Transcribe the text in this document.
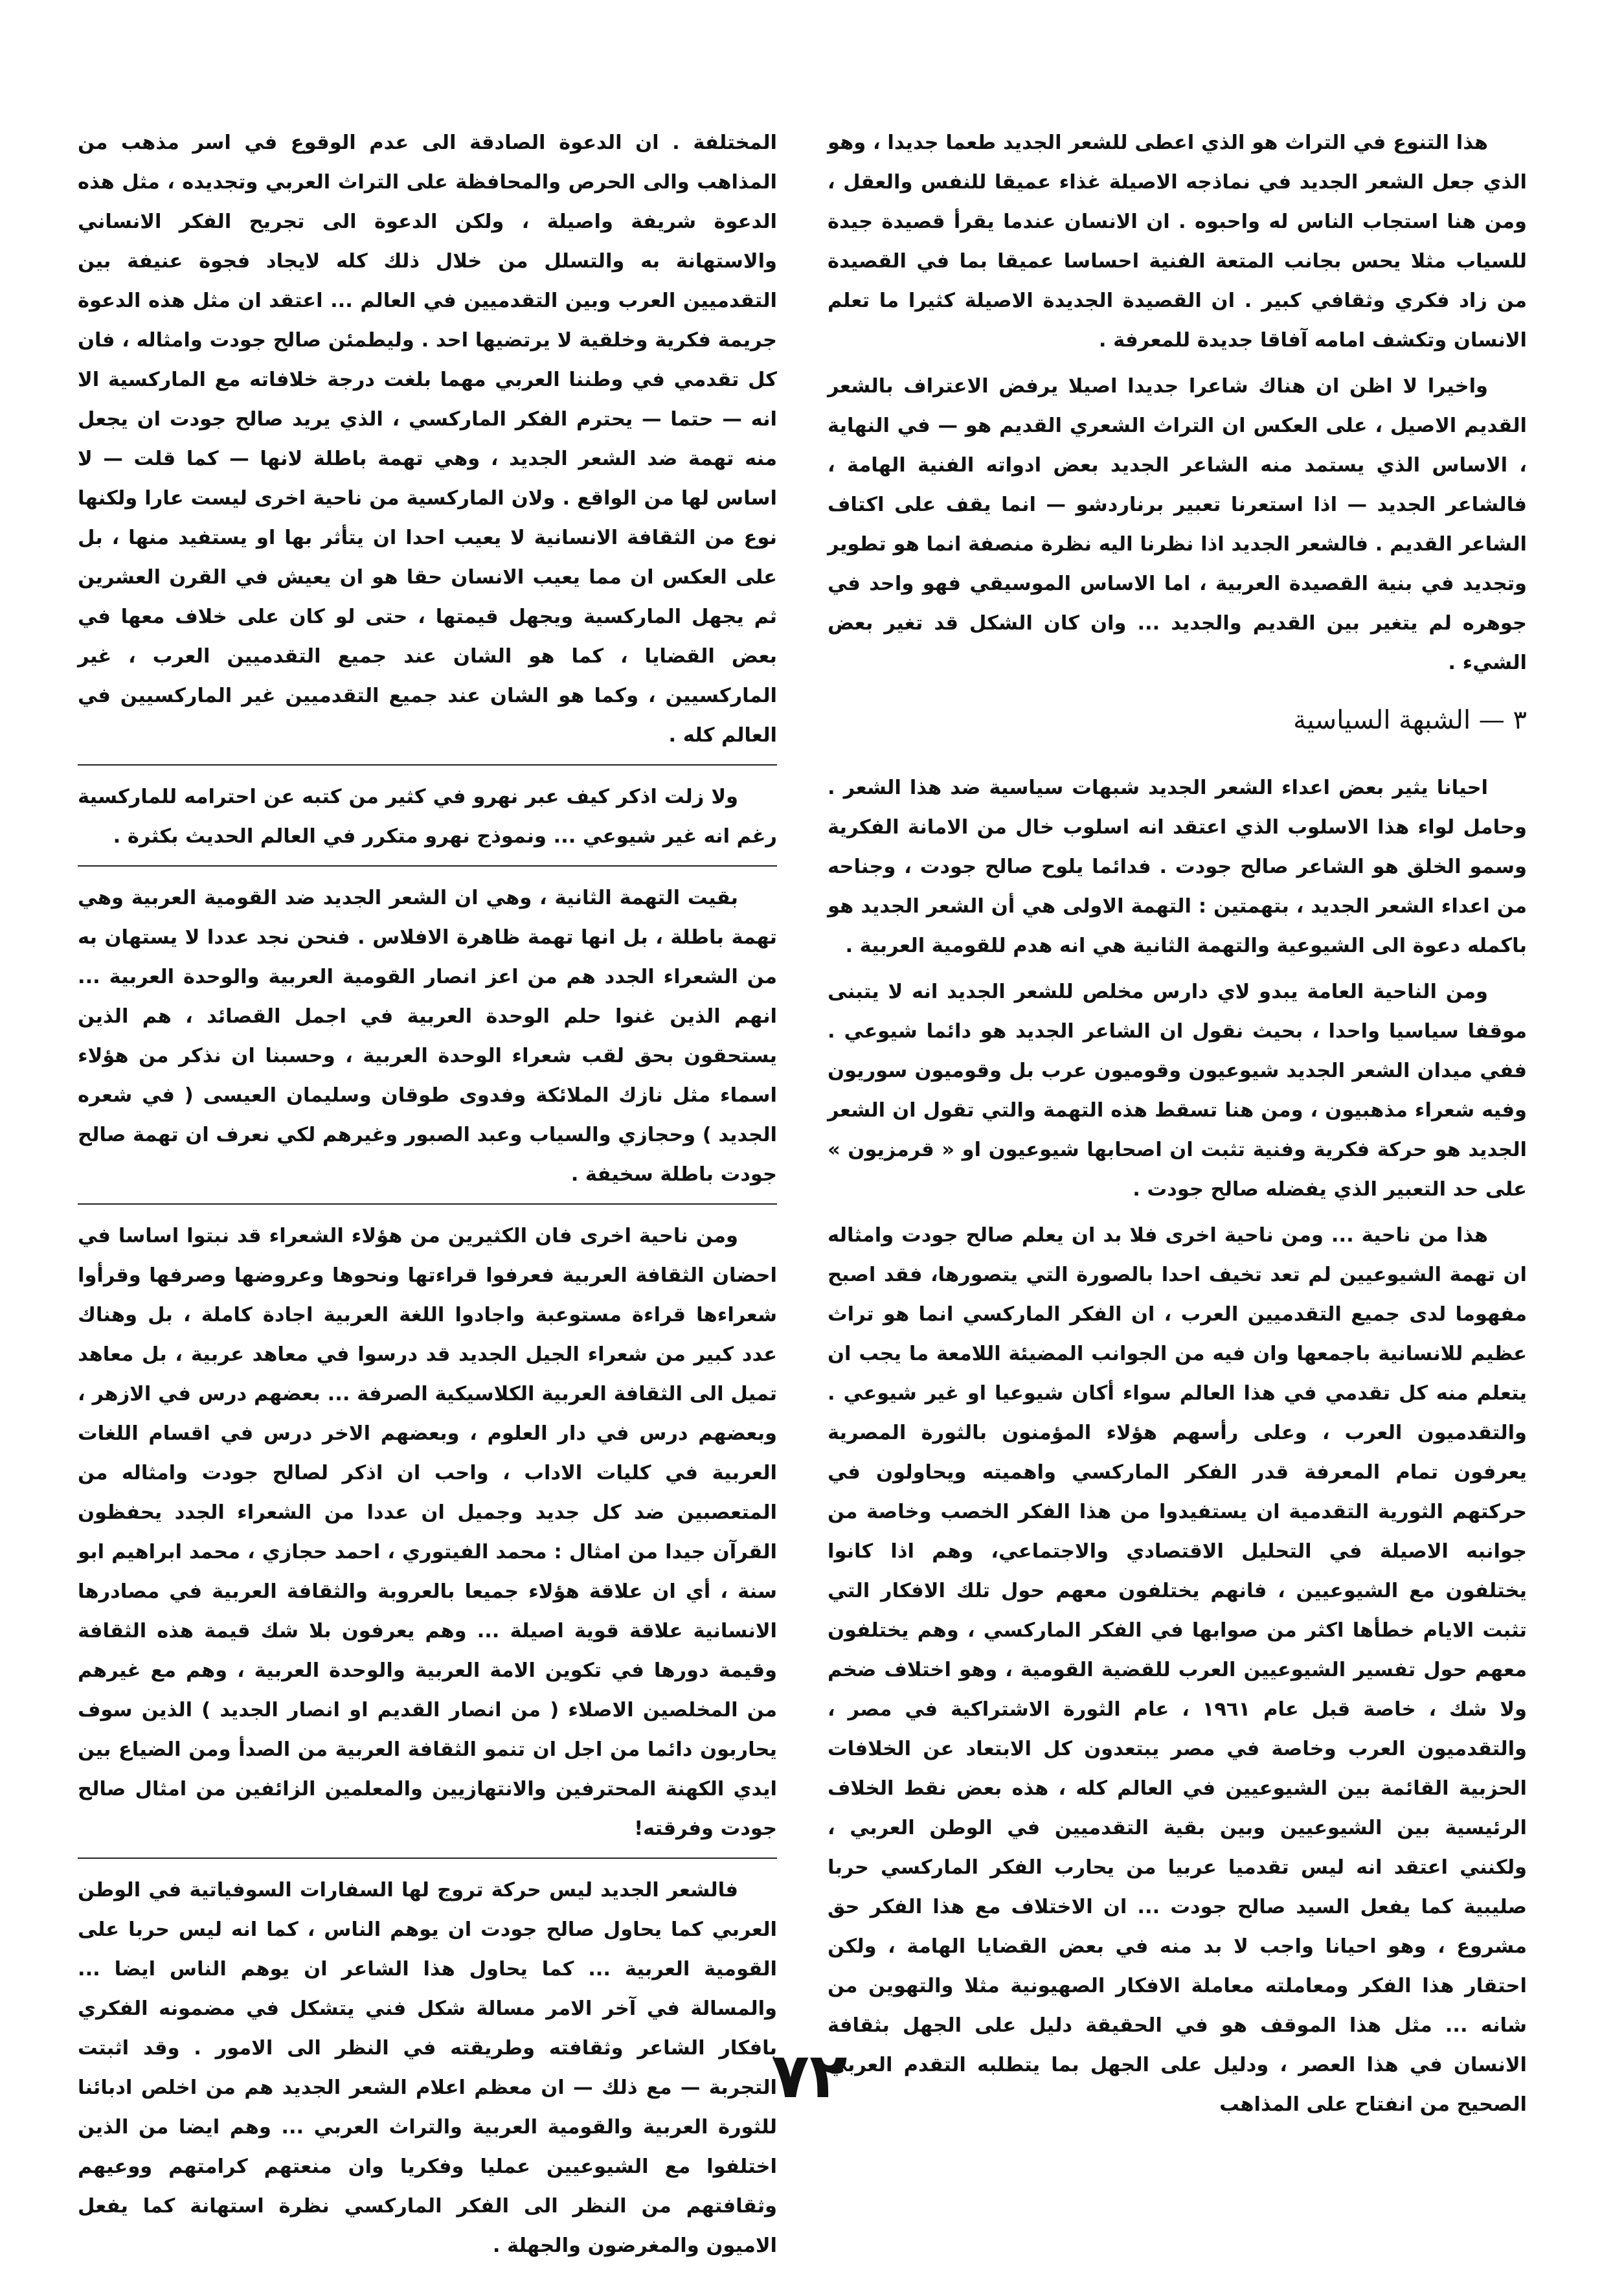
هذا التنوع في التراث هو الذي اعطى للشعر الجديد طعما جديدا ، وهو الذي جعل الشعر الجديد في نماذجه الاصيلة غذاء عميقا للنفس والعقل ، ومن هنا استجاب الناس له واحبوه . ان الانسان عندما يقرأ قصيدة جيدة للسياب مثلا يحس بجانب المتعة الفنية احساسا عميقا بما في القصيدة من زاد فكري وثقافي كبير . ان القصيدة الجديدة الاصيلة كثيرا ما تعلم الانسان وتكشف امامه آفاقا جديدة للمعرفة .

واخيرا لا اظن ان هناك شاعرا جديدا اصيلا يرفض الاعتراف بالشعر القديم الاصيل ، على العكس ان التراث الشعري القديم هو — في النهاية ، الاساس الذي يستمد منه الشاعر الجديد بعض ادواته الفنية الهامة ، فالشاعر الجديد — اذا استعرنا تعبير برناردشو — انما يقف على اكتاف الشاعر القديم . فالشعر الجديد اذا نظرنا اليه نظرة منصفة انما هو تطوير وتجديد في بنية القصيدة العربية ، اما الاساس الموسيقي فهو واحد في جوهره لم يتغير بين القديم والجديد ... وان كان الشكل قد تغير بعض الشيء .

٣ — الشبهة السياسية

احيانا يثير بعض اعداء الشعر الجديد شبهات سياسية ضد هذا الشعر . وحامل لواء هذا الاسلوب الذي اعتقد انه اسلوب خال من الامانة الفكرية وسمو الخلق هو الشاعر صالح جودت . فدائما يلوح صالح جودت ، وجناحه من اعداء الشعر الجديد ، بتهمتين : التهمة الاولى هي أن الشعر الجديد هو باكمله دعوة الى الشيوعية والتهمة الثانية هي انه هدم للقومية العربية .

ومن الناحية العامة يبدو لاي دارس مخلص للشعر الجديد انه لا يتبنى موقفا سياسيا واحدا ، بحيث نقول ان الشاعر الجديد هو دائما شيوعي . ففي ميدان الشعر الجديد شيوعيون وقوميون عرب بل وقوميون سوريون وفيه شعراء مذهبيون ، ومن هنا تسقط هذه التهمة والتي تقول ان الشعر الجديد هو حركة فكرية وفنية تثبت ان اصحابها شيوعيون او « قرمزيون » على حد التعبير الذي يفضله صالح جودت .

هذا من ناحية ... ومن ناحية اخرى فلا بد ان يعلم صالح جودت وامثاله ان تهمة الشيوعيين لم تعد تخيف احدا بالصورة التي يتصورها، فقد اصبح مفهوما لدى جميع التقدميين العرب ، ان الفكر الماركسي انما هو تراث عظيم للانسانية باجمعها وان فيه من الجوانب المضيئة اللامعة ما يجب ان يتعلم منه كل تقدمي في هذا العالم سواء أكان شيوعيا او غير شيوعي . والتقدميون العرب ، وعلى رأسهم هؤلاء المؤمنون بالثورة المصرية يعرفون تمام المعرفة قدر الفكر الماركسي واهميته ويحاولون في حركتهم الثورية التقدمية ان يستفيدوا من هذا الفكر الخصب وخاصة من جوانبه الاصيلة في التحليل الاقتصادي والاجتماعي، وهم اذا كانوا يختلفون مع الشيوعيين ، فانهم يختلفون معهم حول تلك الافكار التي تثبت الايام خطأها اكثر من صوابها في الفكر الماركسي ، وهم يختلفون معهم حول تفسير الشيوعيين العرب للقضية القومية ، وهو اختلاف ضخم ولا شك ، خاصة قبل عام ١٩٦١ ، عام الثورة الاشتراكية في مصر ، والتقدميون العرب وخاصة في مصر يبتعدون كل الابتعاد عن الخلافات الحزبية القائمة بين الشيوعيين في العالم كله ، هذه بعض نقط الخلاف الرئيسية بين الشيوعيين وبين بقية التقدميين في الوطن العربي ، ولكنني اعتقد انه ليس تقدميا عربيا من يحارب الفكر الماركسي حربا صليبية كما يفعل السيد صالح جودت ... ان الاختلاف مع هذا الفكر حق مشروع ، وهو احيانا واجب لا بد منه في بعض القضايا الهامة ، ولكن احتقار هذا الفكر ومعاملته معاملة الافكار الصهيونية مثلا والتهوين من شانه ... مثل هذا الموقف هو في الحقيقة دليل على الجهل بثقافة الانسان في هذا العصر ، ودليل على الجهل بما يتطلبه التقدم العربي الصحيح من انفتاح على المذاهب

المختلفة . ان الدعوة الصادقة الى عدم الوقوع في اسر مذهب من المذاهب والى الحرص والمحافظة على التراث العربي وتجديده ، مثل هذه الدعوة شريفة واصيلة ، ولكن الدعوة الى تجريح الفكر الانساني والاستهانة به والتسلل من خلال ذلك كله لايجاد فجوة عنيفة بين التقدميين العرب وبين التقدميين في العالم ... اعتقد ان مثل هذه الدعوة جريمة فكرية وخلقية لا يرتضيها احد . وليطمئن صالح جودت وامثاله ، فان كل تقدمي في وطننا العربي مهما بلغت درجة خلافاته مع الماركسية الا انه — حتما — يحترم الفكر الماركسي ، الذي يريد صالح جودت ان يجعل منه تهمة ضد الشعر الجديد ، وهي تهمة باطلة لانها — كما قلت — لا اساس لها من الواقع . ولان الماركسية من ناحية اخرى ليست عارا ولكنها نوع من الثقافة الانسانية لا يعيب احدا ان يتأثر بها او يستفيد منها ، بل على العكس ان مما يعيب الانسان حقا هو ان يعيش في القرن العشرين ثم يجهل الماركسية ويجهل قيمتها ، حتى لو كان على خلاف معها في بعض القضايا ، كما هو الشان عند جميع التقدميين العرب ، غير الماركسيين ، وكما هو الشان عند جميع التقدميين غير الماركسيين في العالم كله .

ولا زلت اذكر كيف عبر نهرو في كثير من كتبه عن احترامه للماركسية رغم انه غير شيوعي ... ونموذج نهرو متكرر في العالم الحديث بكثرة .

بقيت التهمة الثانية ، وهي ان الشعر الجديد ضد القومية العربية وهي تهمة باطلة ، بل انها تهمة ظاهرة الافلاس . فنحن نجد عددا لا يستهان به من الشعراء الجدد هم من اعز انصار القومية العربية والوحدة العربية ... انهم الذين غنوا حلم الوحدة العربية في اجمل القصائد ، هم الذين يستحقون بحق لقب شعراء الوحدة العربية ، وحسبنا ان نذكر من هؤلاء اسماء مثل نازك الملائكة وفدوى طوقان وسليمان العيسى ( في شعره الجديد ) وحجازي والسياب وعبد الصبور وغيرهم لكي نعرف ان تهمة صالح جودت باطلة سخيفة .

ومن ناحية اخرى فان الكثيرين من هؤلاء الشعراء قد نبتوا اساسا في احضان الثقافة العربية فعرفوا قراءتها ونحوها وعروضها وصرفها وقرأوا شعراءها قراءة مستوعبة واجادوا اللغة العربية اجادة كاملة ، بل وهناك عدد كبير من شعراء الجيل الجديد قد درسوا في معاهد عربية ، بل معاهد تميل الى الثقافة العربية الكلاسيكية الصرفة ... بعضهم درس في الازهر ، وبعضهم درس في دار العلوم ، وبعضهم الاخر درس في اقسام اللغات العربية في كليات الاداب ، واحب ان اذكر لصالح جودت وامثاله من المتعصبين ضد كل جديد وجميل ان عددا من الشعراء الجدد يحفظون القرآن جيدا من امثال : محمد الفيتوري ، احمد حجازي ، محمد ابراهيم ابو سنة ، أي ان علاقة هؤلاء جميعا بالعروبة والثقافة العربية في مصادرها الانسانية علاقة قوية اصيلة ... وهم يعرفون بلا شك قيمة هذه الثقافة وقيمة دورها في تكوين الامة العربية والوحدة العربية ، وهم مع غيرهم من المخلصين الاصلاء ( من انصار القديم او انصار الجديد ) الذين سوف يحاربون دائما من اجل ان تنمو الثقافة العربية من الصدأ ومن الضياع بين ايدي الكهنة المحترفين والانتهازيين والمعلمين الزائفين من امثال صالح جودت وفرقته!

فالشعر الجديد ليس حركة تروج لها السفارات السوفياتية في الوطن العربي كما يحاول صالح جودت ان يوهم الناس ، كما انه ليس حربا على القومية العربية ... كما يحاول هذا الشاعر ان يوهم الناس ايضا ... والمسالة في آخر الامر مسالة شكل فني يتشكل في مضمونه الفكري بافكار الشاعر وثقافته وطريقته في النظر الى الامور . وقد اثبتت التجربة — مع ذلك — ان معظم اعلام الشعر الجديد هم من اخلص ادبائنا للثورة العربية والقومية العربية والتراث العربي ... وهم ايضا من الذين اختلفوا مع الشيوعيين عمليا وفكريا وان منعتهم كرامتهم ووعيهم وثقافتهم من النظر الى الفكر الماركسي نظرة استهانة كما يفعل الاميون والمغرضون والجهلة .

٧٢
